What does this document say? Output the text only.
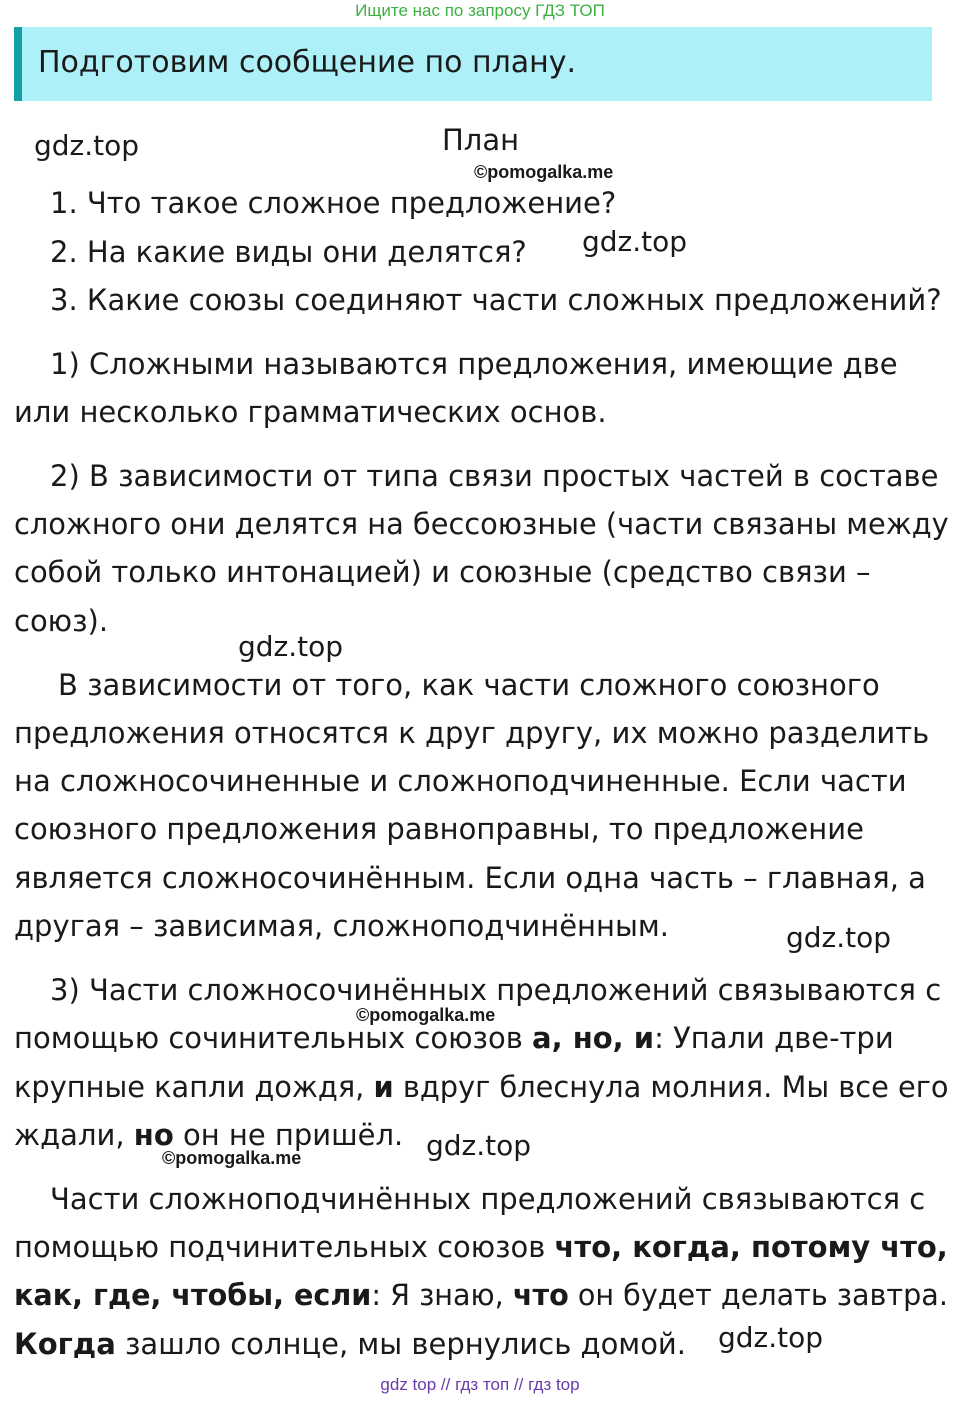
Ищите нас по запросу ГДЗ ТОП
Подготовим сообщение по плану.
gdz.top
©pomogalka.me
gdz.top
gdz.top
gdz.top
©pomogalka.me
gdz.top
©pomogalka.me
gdz.top
План
1. Что такое сложное предложение?
2. На какие виды они делятся?
3. Какие союзы соединяют части сложных предложений?
1) Сложными называются предложения, имеющие две
или несколько грамматических основ.
2) В зависимости от типа связи простых частей в составе
сложного они делятся на бессоюзные (части связаны между
собой только интонацией) и союзные (средство связи –
союз).
В зависимости от того, как части сложного союзного
предложения относятся к друг другу, их можно разделить
на сложносочиненные и сложноподчиненные. Если части
союзного предложения равноправны, то предложение
является сложносочинённым. Если одна часть – главная, а
другая – зависимая, сложноподчинённым.
3) Части сложносочинённых предложений связываются с
помощью сочинительных союзов а, но, и: Упали две-три
крупные капли дождя, и вдруг блеснула молния. Мы все его
ждали, но он не пришёл.
Части сложноподчинённых предложений связываются с
помощью подчинительных союзов что, когда, потому что,
как, где, чтобы, если: Я знаю, что он будет делать завтра.
Когда зашло солнце, мы вернулись домой.
gdz top // гдз топ // гдз top
